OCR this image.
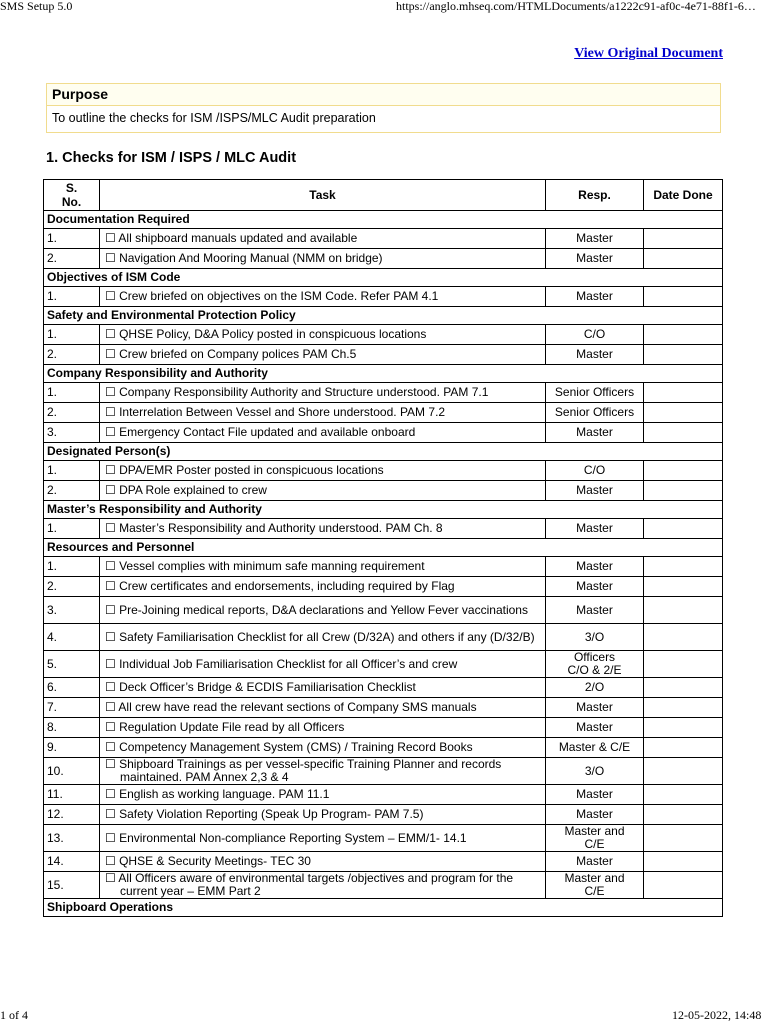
SMS Setup 5.0	https://anglo.mhseq.com/HTMLDocuments/a1222c91-af0c-4e71-88f1-6…
View Original Document
Purpose
To outline the checks for ISM /ISPS/MLC Audit preparation
1. Checks for ISM / ISPS / MLC Audit
S.
No.	Task	Resp.	Date Done
Documentation Required			
1.	☐ All shipboard manuals updated and available	Master	
2.	☐ Navigation And Mooring Manual (NMM on bridge)	Master	
Objectives of ISM Code			
1.	☐ Crew briefed on objectives on the ISM Code. Refer PAM 4.1	Master	
Safety and Environmental Protection Policy			
1.	☐ QHSE Policy, D&A Policy posted in conspicuous locations	C/O	
2.	☐ Crew briefed on Company polices PAM Ch.5	Master	
Company Responsibility and Authority			
1.	☐ Company Responsibility Authority and Structure understood. PAM 7.1	Senior Officers	
2.	☐ Interrelation Between Vessel and Shore understood. PAM 7.2	Senior Officers	
3.	☐ Emergency Contact File updated and available onboard	Master	
Designated Person(s)			
1.	☐ DPA/EMR Poster posted in conspicuous locations	C/O	
2.	☐ DPA Role explained to crew	Master	
Master’s Responsibility and Authority			
1.	☐ Master’s Responsibility and Authority understood. PAM Ch. 8	Master	
Resources and Personnel			
1.	☐ Vessel complies with minimum safe manning requirement	Master	
2.	☐ Crew certificates and endorsements, including required by Flag	Master	
3.	☐ Pre-Joining medical reports, D&A declarations and Yellow Fever vaccinations	Master	
4.	☐ Safety Familiarisation Checklist for all Crew (D/32A) and others if any (D/32/B)	3/O	
5.	☐ Individual Job Familiarisation Checklist for all Officer’s and crew	Officers
C/O & 2/E	
6.	☐ Deck Officer’s Bridge & ECDIS Familiarisation Checklist	2/O	
7.	☐ All crew have read the relevant sections of Company SMS manuals	Master	
8.	☐ Regulation Update File read by all Officers	Master	
9.	☐ Competency Management System (CMS) / Training Record Books	Master & C/E	
10.	☐ Shipboard Trainings as per vessel-specific Training Planner and records maintained. PAM Annex 2,3 & 4	3/O	
11.	☐ English as working language. PAM 11.1	Master	
12.	☐ Safety Violation Reporting (Speak Up Program- PAM 7.5)	Master	
13.	☐ Environmental Non-compliance Reporting System – EMM/1- 14.1	Master and
C/E	
14.	☐ QHSE & Security Meetings- TEC 30	Master	
15.	☐ All Officers aware of environmental targets /objectives and program for the current year – EMM Part 2	Master and
C/E	
Shipboard Operations			
1 of 4	12-05-2022, 14:48
